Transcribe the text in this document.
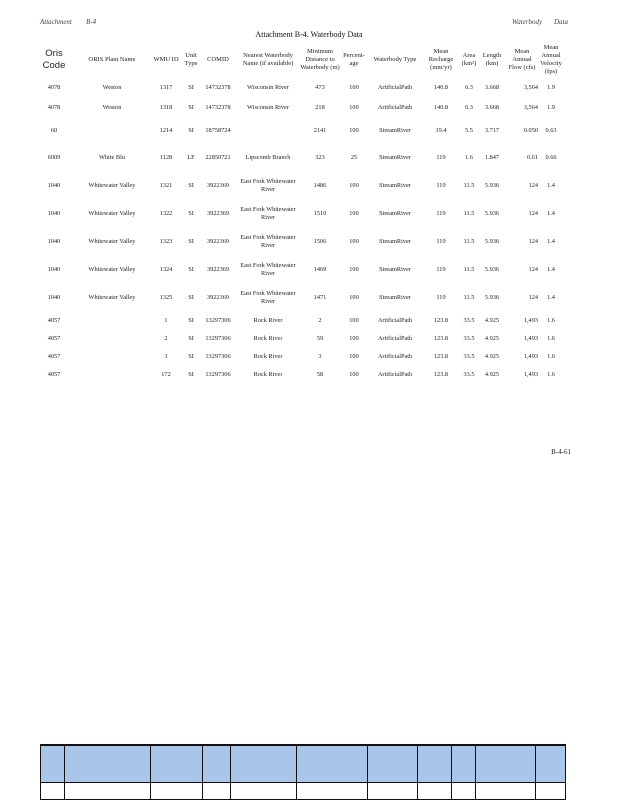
Attachment B-4	Waterbody Data
Attachment B-4. Waterbody Data
Oris Code	ORIS Plant Name	WMU ID	Unit Type	COMID	Nearest Waterbody Name (if available)	Minimum Distance to Waterbody (m)	Percent-age	Waterbody Type	Mean Recharge (mm/yr)	Area (km²)	Length (km)	Mean Annual Flow (cfs)	Mean Annual Velocity (fps)
4078	Weston	1317	SI	14732378	Wisconsin River	473	100	ArtificialPath	140.8	6.3	3.668	3,564	1.9
4078	Weston	1318	SI	14732378	Wisconsin River	218	100	ArtificialPath	140.8	6.3	3.668	3,564	1.9
60		1214	SI	18758724		2141	100	StreamRiver	19.4	5.5	3.717	0.050	0.63
6009	White Blu	1128	LF	22850721	Lipscomb Branch	323	25	StreamRiver	119	1.6	1.847	0.61	0.66
1040	Whitewater Valley	1321	SI	3922369	East Fork Whitewater River	1486	100	StreamRiver	119	11.5	5.936	124	1.4
1040	Whitewater Valley	1322	SI	3922369	East Fork Whitewater River	1510	100	StreamRiver	119	11.5	5.936	124	1.4
1040	Whitewater Valley	1323	SI	3922369	East Fork Whitewater River	1506	100	StreamRiver	119	11.5	5.936	124	1.4
1040	Whitewater Valley	1324	SI	3922369	East Fork Whitewater River	1469	100	StreamRiver	119	11.5	5.936	124	1.4
1040	Whitewater Valley	1325	SI	3922369	East Fork Whitewater River	1471	100	StreamRiver	119	11.5	5.936	124	1.4
4057		1	SI	13297306	Rock River	2	100	ArtificialPath	123.8	33.5	4.925	1,493	1.6
4057		2	SI	13297306	Rock River	59	100	ArtificialPath	123.8	33.5	4.925	1,493	1.6
4057		3	SI	13297306	Rock River	3	100	ArtificialPath	123.8	33.5	4.925	1,493	1.6
4057		172	SI	13297306	Rock River	58	100	ArtificialPath	123.8	33.5	4.925	1,493	1.6
B-4-61
